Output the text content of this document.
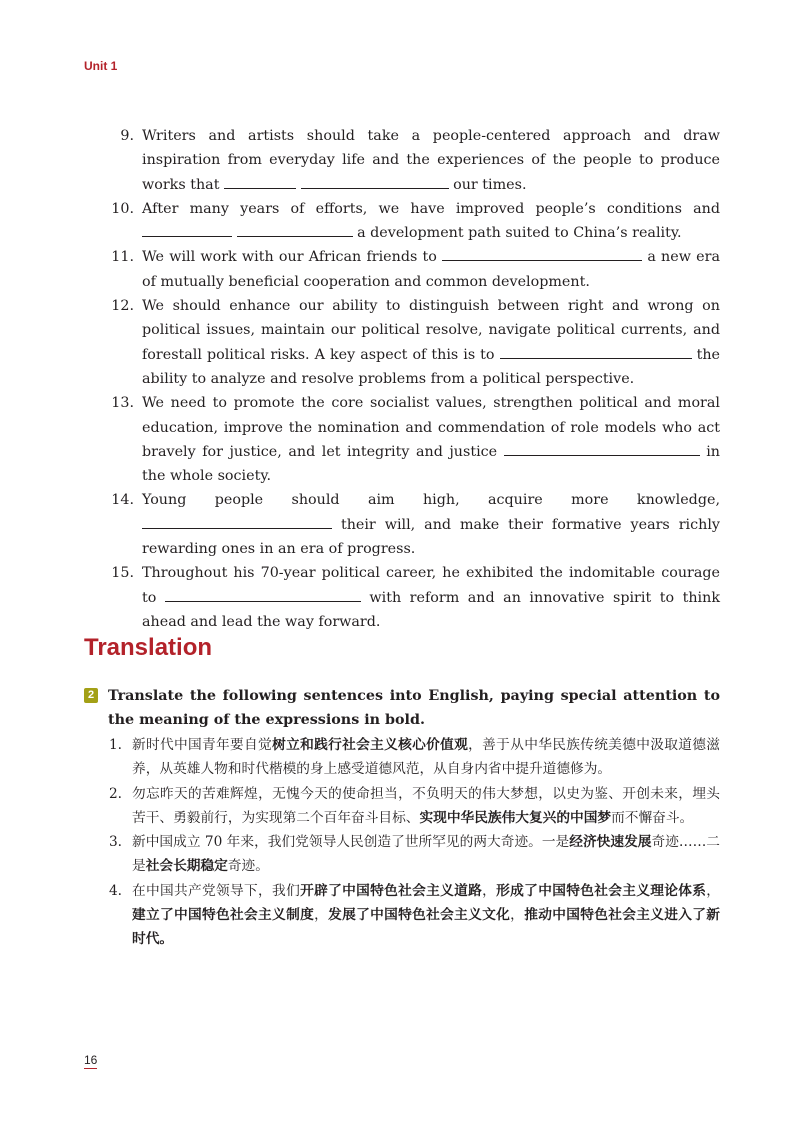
Unit 1
9. Writers and artists should take a people-centered approach and draw inspiration from everyday life and the experiences of the people to produce works that	our times.
10. After many years of efforts, we have improved people’s conditions and   a development path suited to China’s reality.
11. We will work with our African friends to	a new era of mutually beneficial cooperation and common development.
12. We should enhance our ability to distinguish between right and wrong on political issues, maintain our political resolve, navigate political currents, and forestall political risks. A key aspect of this is to	the ability to analyze and resolve problems from a political perspective.
13. We need to promote the core socialist values, strengthen political and moral education, improve the nomination and commendation of role models who act bravely for justice, and let integrity and justice	in the whole society.
14. Young people should aim high, acquire more knowledge,  their will, and make their formative years richly rewarding ones in an era of progress.
15. Throughout his 70-year political career, he exhibited the indomitable courage to	with reform and an innovative spirit to think ahead and lead the way forward.
Translation
2 Translate the following sentences into English, paying special attention to the meaning of the expressions in bold.
1. 新时代中国青年要自觉树立和践行社会主义核心价值观，善于从中华民族传统美德中汲取道德滋养，从英雄人物和时代楷模的身上感受道德风范，从自身内省中提升道德修为。
2. 勿忘昨天的苦难辉煌，无愧今天的使命担当，不负明天的伟大梦想，以史为鉴、开创未来，埋头苦干、勇毅前行，为实现第二个百年奋斗目标、实现中华民族伟大复兴的中国梦而不懈奋斗。
3. 新中国成立 70 年来，我们党领导人民创造了世所罕见的两大奇迹。一是经济快速发展奇迹……二是社会长期稳定奇迹。
4. 在中国共产党领导下，我们开辟了中国特色社会主义道路，形成了中国特色社会主义理论体系，建立了中国特色社会主义制度，发展了中国特色社会主义文化，推动中国特色社会主义进入了新时代。
16
